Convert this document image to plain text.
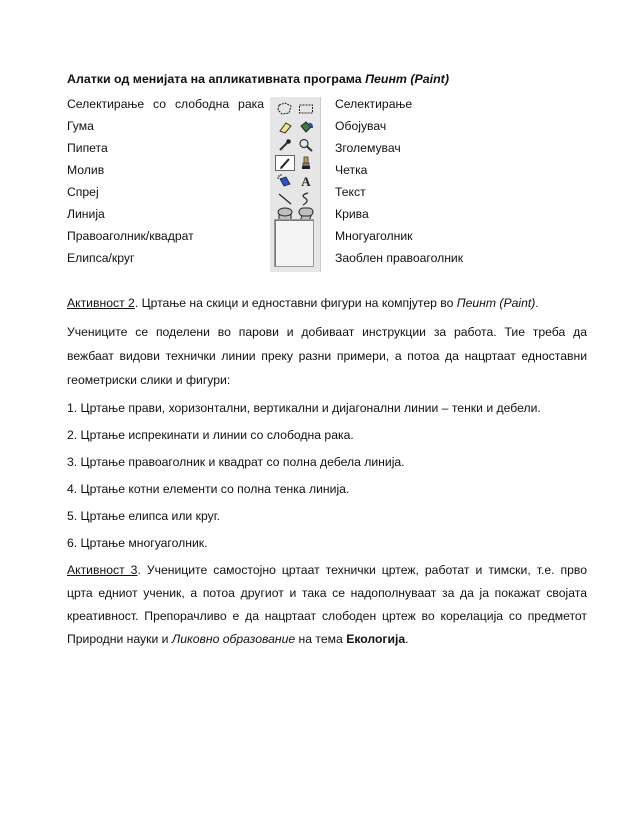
Алатки од менијата на апликативната програма Пеинт (Paint)
Селектирање со слободна рака
Гума
Пипета
Молив
Спреј
Линија
Правоаголник/квадрат
Елипса/круг
A
Селектирање
Обојувач
Зголемувач
Четка
Текст
Крива
Многуаголник
Заоблен правоаголник
Активност 2. Цртање на скици и едноставни фигури на компјутер во Пеинт (Paint).
Учениците се поделени во парови и добиваат инструкции за работа. Тие треба да
вежбаат видови технички линии преку разни примери, а потоа да нацртаат едноставни
геометриски слики и фигури:
1. Цртање прави, хоризонтални, вертикални и дијагонални линии – тенки и дебели.
2. Цртање испрекинати и линии со слободна рака.
3. Цртање правоаголник и квадрат со полна дебела линија.
4. Цртање котни елементи со полна тенка линија.
5. Цртање елипса или круг.
6. Цртање многуаголник.
Активност 3. Учениците самостојно цртаат технички цртеж, работат и тимски, т.е. прво
црта едниот ученик, а потоа другиот и така се надополнуваат за да ја покажат својата
креативност. Препорачливо е да нацртаат слободен цртеж во корелација со предметот
Природни науки и Ликовно образование на тема Екологија.
